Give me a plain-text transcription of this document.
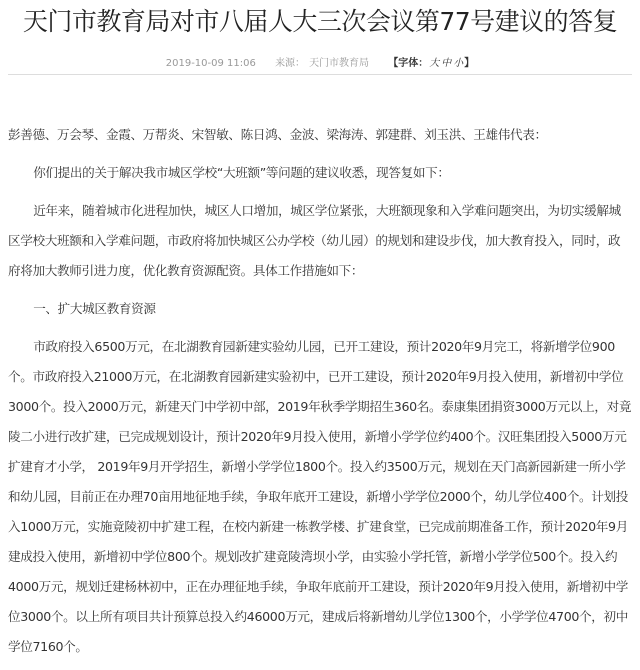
天门市教育局对市八届人大三次会议第77号建议的答复
2019-10-09 11:06 来源： 天门市教育局 【字体：大 中 小】

彭善德、万会琴、金霞、万帮炎、宋智敏、陈日鸿、金波、梁海涛、郭建群、刘玉洪、王雄伟代表：

你们提出的关于解决我市城区学校“大班额”等问题的建议收悉，现答复如下：

近年来，随着城市化进程加快，城区人口增加，城区学位紧张，大班额现象和入学难问题突出，为切实缓解城区学校大班额和入学难问题，市政府将加快城区公办学校（幼儿园）的规划和建设步伐，加大教育投入，同时，政府将加大教师引进力度，优化教育资源配资。具体工作措施如下：

一、扩大城区教育资源

市政府投入6500万元，在北湖教育园新建实验幼儿园，已开工建设，预计2020年9月完工，将新增学位900个。市政府投入21000万元，在北湖教育园新建实验初中，已开工建设，预计2020年9月投入使用，新增初中学位3000个。投入2000万元，新建天门中学初中部，2019年秋季学期招生360名。泰康集团捐资3000万元以上，对竟陵二小进行改扩建，已完成规划设计，预计2020年9月投入使用，新增小学学位约400个。汉旺集团投入5000万元扩建育才小学， 2019年9月开学招生，新增小学学位1800个。投入约3500万元，规划在天门高新园新建一所小学和幼儿园，目前正在办理70亩用地征地手续，争取年底开工建设，新增小学学位2000个，幼儿学位400个。计划投入1000万元，实施竟陵初中扩建工程，在校内新建一栋教学楼、扩建食堂，已完成前期准备工作，预计2020年9月建成投入使用，新增初中学位800个。规划改扩建竟陵湾坝小学，由实验小学托管，新增小学学位500个。投入约4000万元，规划迁建杨林初中，正在办理征地手续，争取年底前开工建设，预计2020年9月投入使用，新增初中学位3000个。以上所有项目共计预算总投入约46000万元，建成后将新增幼儿学位1300个，小学学位4700个，初中学位7160个。
